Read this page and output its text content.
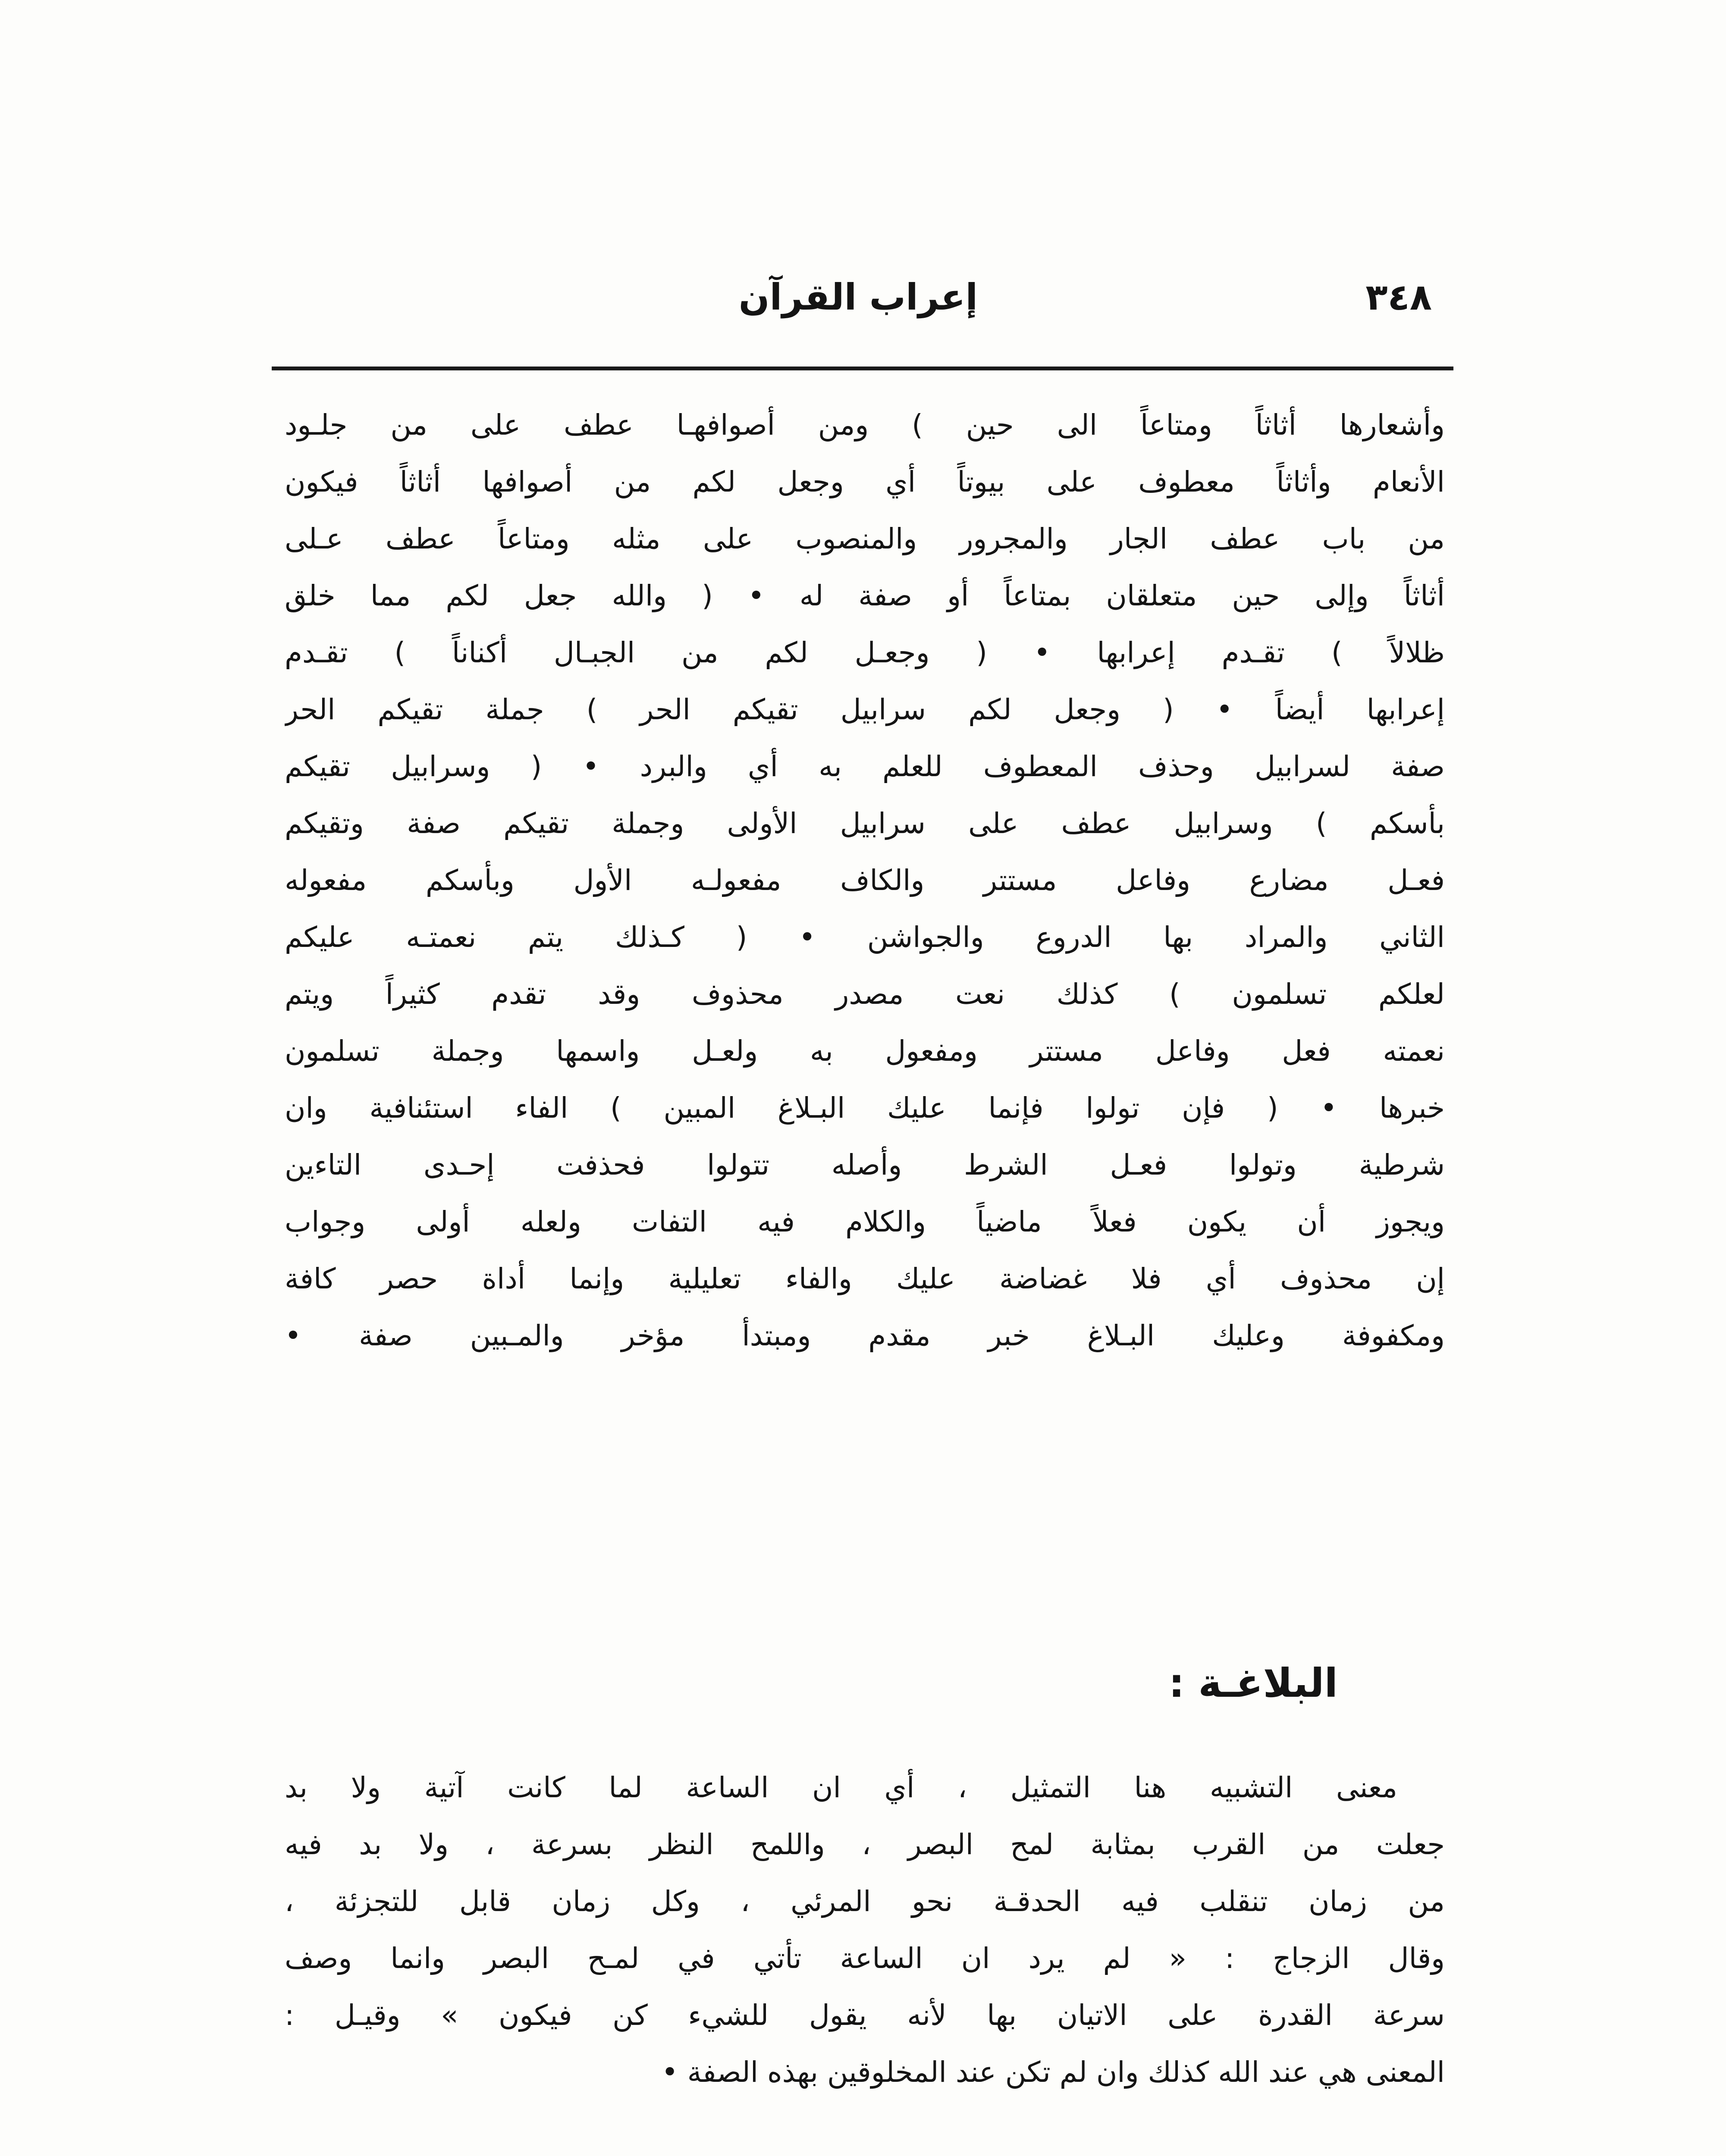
٣٤٨
إعراب القرآن
وأشعارها أثاثاً ومتاعاً الى حين ) ومن أصوافهـا عطف على من جلـود
الأنعام وأثاثاً معطوف على بيوتاً أي وجعل لكم من أصوافها أثاثاً فيكون
من باب عطف الجار والمجرور والمنصوب على مثله ومتاعاً عطف عـلى
أثاثاً وإلى حين متعلقان بمتاعاً أو صفة له • ( والله جعل لكم مما خلق
ظلالاً ) تقـدم إعرابها • ( وجعـل لكم من الجبـال أكناناً ) تقـدم
إعرابها أيضاً • ( وجعل لكم سرابيل تقيكم الحر ) جملة تقيكم الحر
صفة لسرابيل وحذف المعطوف للعلم به أي والبرد • ( وسرابيل تقيكم
بأسكم ) وسرابيل عطف على سرابيل الأولى وجملة تقيكم صفة وتقيكم
فعـل مضارع وفاعل مستتر والكاف مفعولـه الأول وبأسكم مفعوله
الثاني والمراد بها الدروع والجواشن • ( كـذلك يتم نعمتـه عليكم
لعلكم تسلمون ) كذلك نعت مصدر محذوف وقد تقدم كثيراً ويتم
نعمته فعل وفاعل مستتر ومفعول به ولعـل واسمها وجملة تسلمون
خبرها • ( فإن تولوا فإنما عليك البـلاغ المبين ) الفاء استئنافية وان
شرطية وتولوا فعـل الشرط وأصله تتولوا فحذفت إحـدى التاءين
ويجوز أن يكون فعلاً ماضياً والكلام فيه التفات ولعله أولى وجواب
إن محذوف أي فلا غضاضة عليك والفاء تعليلية وإنما أداة حصر كافة
ومكفوفة وعليك البـلاغ خبر مقدم ومبتدأ مؤخر والمـبين صفة •
البلاغـة :
معنى التشبيه هنا التمثيل ، أي ان الساعة لما كانت آتية ولا بد
جعلت من القرب بمثابة لمح البصر ، واللمح النظر بسرعة ، ولا بد فيه
من زمان تنقلب فيه الحدقـة نحو المرئي ، وكل زمان قابل للتجزئة ،
وقال الزجاج : « لم يرد ان الساعة تأتي في لمـح البصر وانما وصف
سرعة القدرة على الاتيان بها لأنه يقول للشيء كن فيكون » وقيـل :
المعنى هي عند الله كذلك وان لم تكن عند المخلوقين بهذه الصفة •
